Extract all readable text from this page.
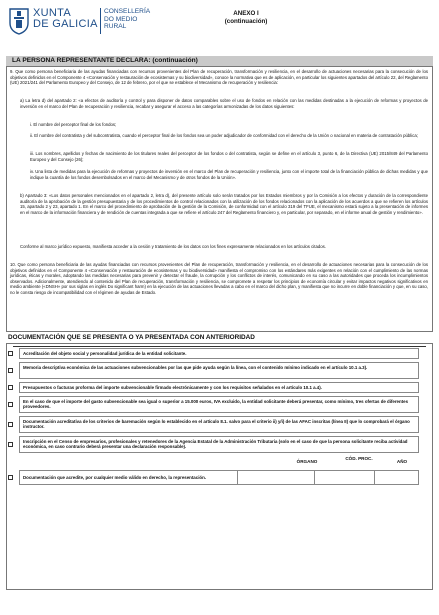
XUNTA
DE GALICIA
CONSELLERÍA
DO MEDIO
RURAL
ANEXO I
(continuación)
LA PERSONA REPRESENTANTE DECLARA: (continuación)
9. Que como persona beneficiaria de las ayudas financiadas con recursos provenientes del Plan de recuperación, transformación y resiliencia, en el desarrollo de actuaciones necesarias para la consecución de los objetivos definidos en el Componente 4 «Conservación y restauración de ecosistemas y su biodiversidad», conoce la normativa que es de aplicación, en particular los siguientes apartados del artículo 22, del Reglamento (UE) 2021/241 del Parlamento Europeo y del Consejo, de 12 de febrero, por el que se establece el Mecanismo de recuperación y resiliencia:
a) La letra d) del apartado 2: «a efectos de auditoría y control y para disponer de datos comparables sobre el uso de fondos en relación con las medidas destinadas a la ejecución de reformas y proyectos de inversión en el marco del Plan de recuperación y resiliencia, recabar y asegurar el acceso a las categorías armonizadas de los datos siguientes:
i. El nombre del perceptor final de los fondos;
ii. El nombre del contratista y del subcontratista, cuando el perceptor final de los fondos sea un poder adjudicador de conformidad con el derecho de la Unión o nacional en materia de contratación pública;
iii. Los nombres, apellidos y fechas de nacimiento de los titulares reales del perceptor de los fondos o del contratista, según se define en el artículo 3, punto 6, de la Directiva (UE) 2015/849 del Parlamento Europeo y del Consejo (26);
iv. Una lista de medidas para la ejecución de reformas y proyectos de inversión en el marco del Plan de recuperación y resiliencia, junto con el importe total de la financiación pública de dichas medidas y que indique la cuantía de los fondos desembolsados en el marco del Mecanismo y de otros fondos de la Unión».
b) Apartado 3: «Los datos personales mencionados en el apartado 2, letra d), del presente artículo solo serán tratados por los Estados miembros y por la Comisión a los efectos y duración de la correspondiente auditoría de la aprobación de la gestión presupuestaria y de los procedimientos de control relacionados con la utilización de los fondos relacionados con la aplicación de los acuerdos a que se refieren los artículos 15, apartado 2 y 23, apartado 1. En el marco del procedimiento de aprobación de la gestión de la Comisión, de conformidad con el artículo 319 del TFUE, el mecanismo estará sujeto a la presentación de informes en el marco de la información financiera y de rendición de cuentas integrada a que se refiere el artículo 247 del Reglamento financiero y, en particular, por separado, en el informe anual de gestión y rendimiento».
Conforme al marco jurídico expuesto, manifiesta acceder a la cesión y tratamiento de los datos con los fines expresamente relacionados en los artículos citados.
10. Que como persona beneficiaria de las ayudas financiadas con recursos provenientes del Plan de recuperación, transformación y resiliencia, en el desarrollo de actuaciones necesarias para la consecución de los objetivos definidos en el Componente 4 «Conservación y restauración de ecosistemas y su biodiversidad» manifiesta el compromiso con los estándares más exigentes en relación con el cumplimiento de las normas jurídicas, éticas y morales, adoptando las medidas necesarias para prevenir y detectar el fraude, la corrupción y los conflictos de interés, comunicando en su caso a las autoridades que proceda los incumplimientos observados. Adicionalmente, atendiendo al contenido del Plan de recuperación, transformación y resiliencia, se compromete a respetar los principios de economía circular y evitar impactos negativos significativos en medio ambiente («DNSH» por sus siglas en inglés Do significant harm) en la ejecución de las actuaciones llevadas a cabo en el marco del dicho plan, y manifiesta que no incurre en doble financiación y que, en su caso, no le consta riesgo de incompatibilidad con el régimen de ayudas de Estado.
DOCUMENTACIÓN QUE SE PRESENTA O YA PRESENTADA CON ANTERIORIDAD
Acreditación del objeto social y personalidad jurídica de la entidad solicitante.
Memoria descriptiva económica de las actuaciones subvencionables por las que pide ayuda según la línea, con el contenido mínimo indicado en el artículo 10.1 a.3).
Presupuestos o facturas proforma del importe subvencionable firmado electrónicamente y con los requisitos señalados en el artículo 10.1 a.4).
En el caso de que el importe del gasto subvencionable sea igual o superior a 15.000 euros, IVA excluido, la entidad solicitante deberá presentar, como mínimo, tres ofertas de diferentes proveedores.
Documentación acreditativa de los criterios de baremación según lo establecido en el artículo 8.1. salvo para el criterio ii) y/i) de las AFAC inscritas (línea II) que lo comprobará el órgano instructor.
Inscripción en el Censo de empresarios, profesionales y retenedores de la Agencia Estatal de la Administración Tributaria (solo en el caso de que la persona solicitante reciba actividad económica, en caso contrario deberá presentar una declaración responsable).
ÓRGANO
CÓD. PROC.
AÑO
Documentación que acredite, por cualquier medio válido en derecho, la representación.
